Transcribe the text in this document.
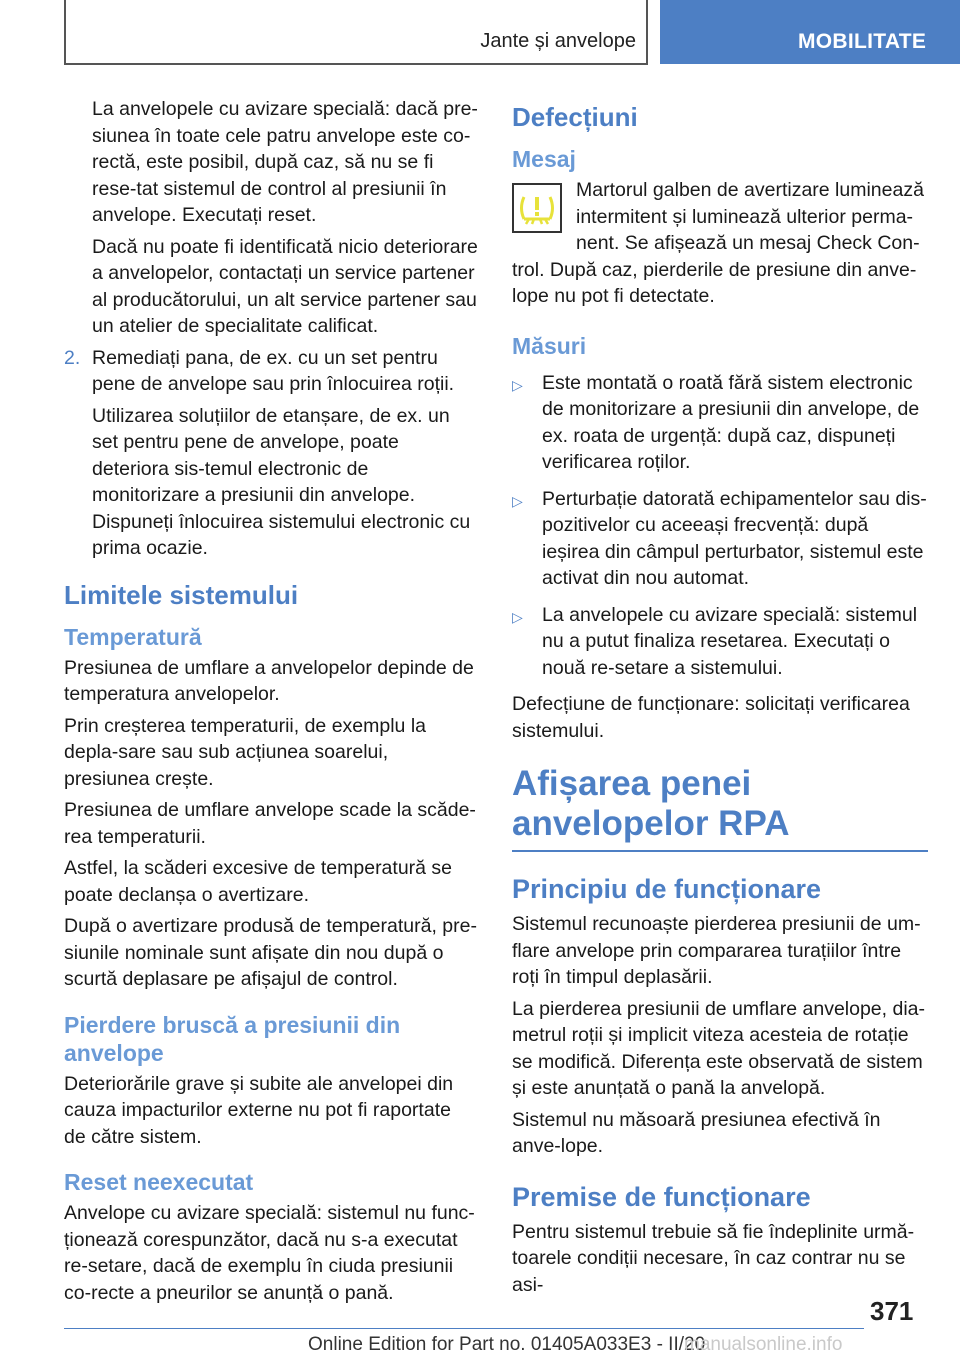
Jante și anvelope	MOBILITATE

La anvelopele cu avizare specială: dacă pre‐siunea în toate cele patru anvelope este co‐rectă, este posibil, după caz, să nu se fi rese‐tat sistemul de control al presiunii în anvelope. Executați reset.

Dacă nu poate fi identificată nicio deteriorare a anvelopelor, contactați un service partener al producătorului, un alt service partener sau un atelier de specialitate calificat.

2. Remediați pana, de ex. cu un set pentru pene de anvelope sau prin înlocuirea roții.

Utilizarea soluțiilor de etanșare, de ex. un set pentru pene de anvelope, poate deteriora sis‐temul electronic de monitorizare a presiunii din anvelope. Dispuneți înlocuirea sistemului electronic cu prima ocazie.

Limitele sistemului
Temperatură

Presiunea de umflare a anvelopelor depinde de temperatura anvelopelor.

Prin creșterea temperaturii, de exemplu la depla‐sare sau sub acțiunea soarelui, presiunea crește.

Presiunea de umflare anvelope scade la scăde‐rea temperaturii.

Astfel, la scăderi excesive de temperatură se poate declanșa o avertizare.

După o avertizare produsă de temperatură, pre‐siunile nominale sunt afișate din nou după o scurtă deplasare pe afișajul de control.

Pierdere bruscă a presiunii din anvelope

Deteriorările grave și subite ale anvelopei din cauza impacturilor externe nu pot fi raportate de către sistem.

Reset neexecutat

Anvelope cu avizare specială: sistemul nu func‐ționează corespunzător, dacă nu s-a executat re‐setare, dacă de exemplu în ciuda presiunii co‐recte a pneurilor se anunță o pană.

Defecțiuni
Mesaj

Martorul galben de avertizare luminează intermitent și luminează ulterior perma‐nent. Se afișează un mesaj Check Con‐trol. După caz, pierderile de presiune din anve‐lope nu pot fi detectate.

Măsuri
▷ Este montată o roată fără sistem electronic de monitorizare a presiunii din anvelope, de ex. roata de urgență: după caz, dispuneți verificarea roților.

▷ Perturbație datorată echipamentelor sau dis‐pozitivelor cu aceeași frecvență: după ieșirea din câmpul perturbator, sistemul este activat din nou automat.

▷ La anvelopele cu avizare specială: sistemul nu a putut finaliza resetarea. Executați o nouă re‐setare a sistemului.

Defecțiune de funcționare: solicitați verificarea sistemului.

Afișarea penei anvelopelor RPA
Principiu de funcționare

Sistemul recunoaște pierderea presiunii de um‐flare anvelope prin compararea turațiilor între roți în timpul deplasării.

La pierderea presiunii de umflare anvelope, dia‐metrul roții și implicit viteza acesteia de rotație se modifică. Diferența este observată de sistem și este anunțată o pană la anvelopă.

Sistemul nu măsoară presiunea efectivă în anve‐lope.

Premise de funcționare

Pentru sistemul trebuie să fie îndeplinite urmă‐toarele condiții necesare, în caz contrar nu se asi‐

371
Online Edition for Part no. 01405A033E3 - II/20
manualsonline.info
